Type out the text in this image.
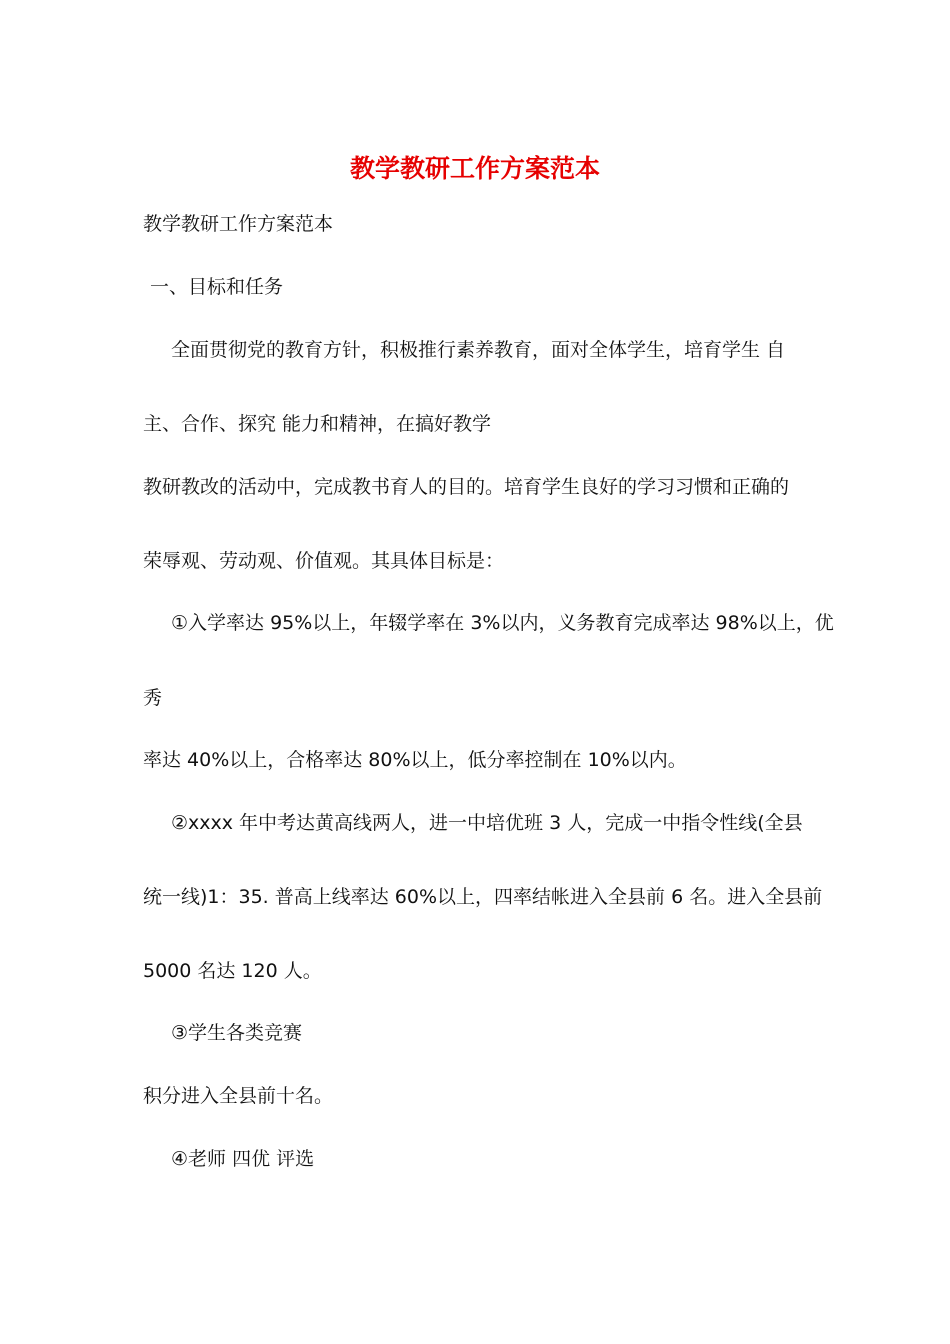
教学教研工作方案范本
教学教研工作方案范本
一、目标和任务
全面贯彻党的教育方针，积极推行素养教育，面对全体学生，培育学生 自
主、合作、探究 能力和精神，在搞好教学
教研教改的活动中，完成教书育人的目的。培育学生良好的学习习惯和正确的
荣辱观、劳动观、价值观。其具体目标是：
①入学率达 95%以上，年辍学率在 3%以内，义务教育完成率达 98%以上，优
秀
率达 40%以上，合格率达 80%以上，低分率控制在 10%以内。
②xxxx 年中考达黄高线两人，进一中培优班 3 人，完成一中指令性线(全县
统一线)1：35. 普高上线率达 60%以上，四率结帐进入全县前 6 名。进入全县前
5000 名达 120 人。
③学生各类竞赛
积分进入全县前十名。
④老师 四优 评选
